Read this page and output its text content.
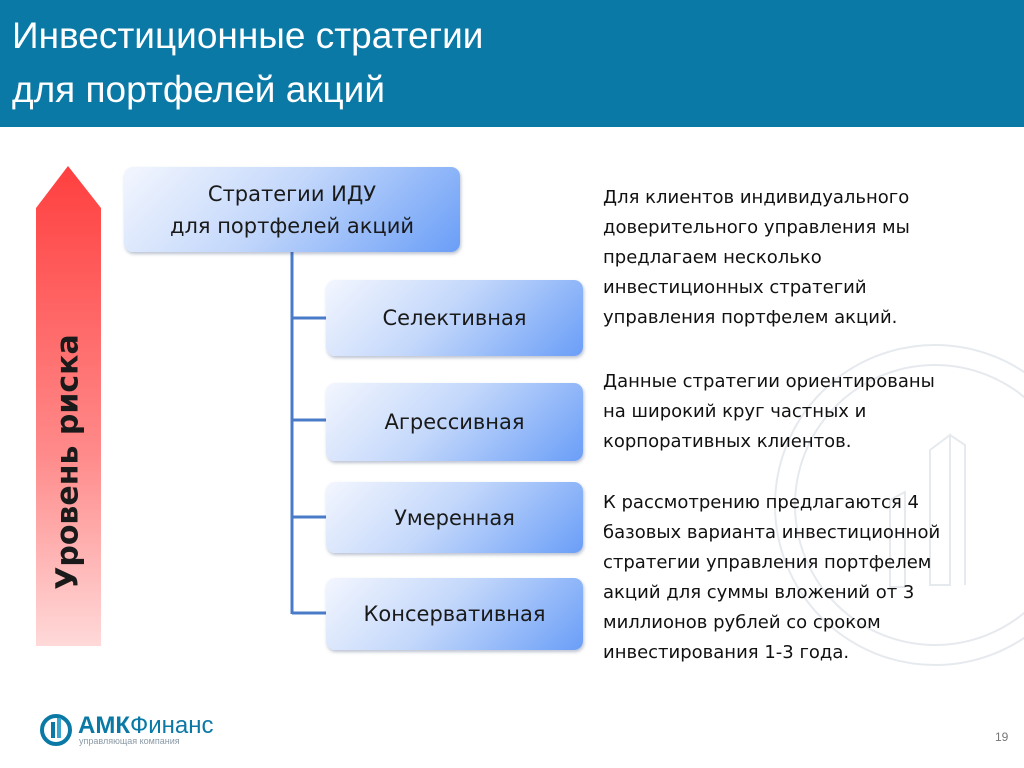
Инвестиционные стратегии
для портфелей акций
Уровень риска
Стратегии ИДУ
для портфелей акций
Селективная
Агрессивная
Умеренная
Консервативная

Для клиентов индивидуального
доверительного управления мы
предлагаем несколько
инвестиционных стратегий
управления портфелем акций.

Данные стратегии ориентированы
на широкий круг частных и
корпоративных клиентов.

К рассмотрению предлагаются 4
базовых варианта инвестиционной
стратегии управления портфелем
акций для суммы вложений от 3
миллионов рублей со сроком
инвестирования 1-3 года.

АМКФинанс
управляющая компания	19
